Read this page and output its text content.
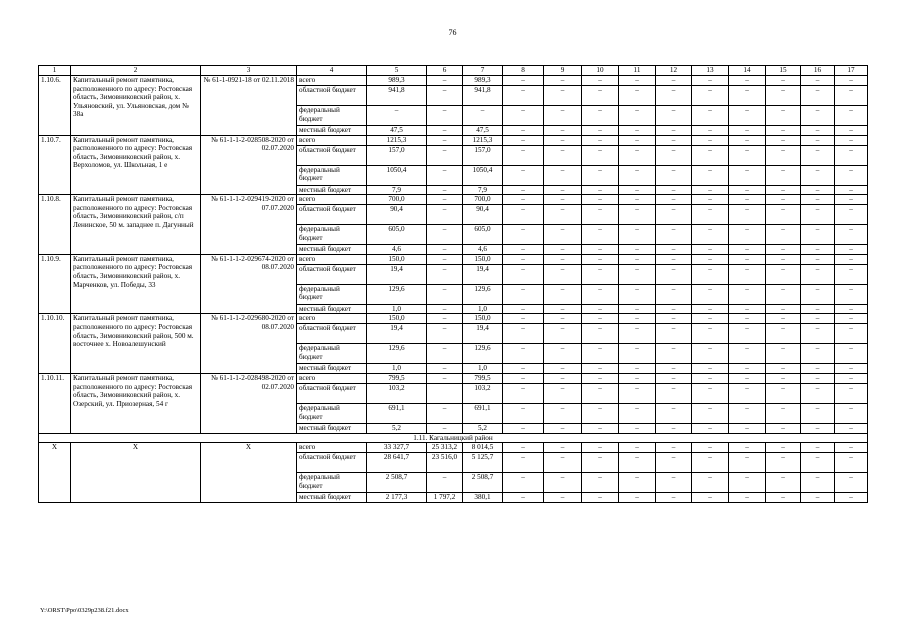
76
1	2	3	4	5	6	7	8	9	10	11	12	13	14	15	16	17
1.10.6.	Капитальный ремонт памятника, расположенного по адресу: Ростовская область, Зимовниковский район, х. Ульяновский, ул. Ульяновская, дом № 38а	№ 61-1-0921-18 от 02.11.2018	всего	989,3	–	989,3	–	–	–	–	–	–	–	–	–	–
			областной бюджет	941,8	–	941,8	–	–	–	–	–	–	–	–	–	–
			федеральный бюджет	–	–	–	–	–	–	–	–	–	–	–	–	–
			местный бюджет	47,5	–	47,5	–	–	–	–	–	–	–	–	–	–
1.10.7.	Капитальный ремонт памятника, расположенного по адресу: Ростовская область, Зимовниковский район, х. Верхоломов, ул. Школьная, 1 е	№ 61-1-1-2-028508-2020 от 02.07.2020	всего	1215,3	–	1215,3	–	–	–	–	–	–	–	–	–	–
			областной бюджет	157,0	–	157,0	–	–	–	–	–	–	–	–	–	–
			федеральный бюджет	1050,4	–	1050,4	–	–	–	–	–	–	–	–	–	–
			местный бюджет	7,9	–	7,9	–	–	–	–	–	–	–	–	–	–
1.10.8.	Капитальный ремонт памятника, расположенного по адресу: Ростовская область, Зимовниковский район, с/п Ленинское, 50 м. западнее п. Дагунный	№ 61-1-1-2-029419-2020 от 07.07.2020	всего	700,0	–	700,0	–	–	–	–	–	–	–	–	–	–
			областной бюджет	90,4	–	90,4	–	–	–	–	–	–	–	–	–	–
			федеральный бюджет	605,0	–	605,0	–	–	–	–	–	–	–	–	–	–
			местный бюджет	4,6	–	4,6	–	–	–	–	–	–	–	–	–	–
1.10.9.	Капитальный ремонт памятника, расположенного по адресу: Ростовская область, Зимовниковский район, х. Марченков, ул. Победы, 33	№ 61-1-1-2-029674-2020 от 08.07.2020	всего	150,0	–	150,0	–	–	–	–	–	–	–	–	–	–
			областной бюджет	19,4	–	19,4	–	–	–	–	–	–	–	–	–	–
			федеральный бюджет	129,6	–	129,6	–	–	–	–	–	–	–	–	–	–
			местный бюджет	1,0	–	1,0	–	–	–	–	–	–	–	–	–	–
1.10.10.	Капитальный ремонт памятника, расположенного по адресу: Ростовская область, Зимовниковский район, 500 м. восточнее х. Новоалешунский	№ 61-1-1-2-029680-2020 от 08.07.2020	всего	150,0	–	150,0	–	–	–	–	–	–	–	–	–	–
			областной бюджет	19,4	–	19,4	–	–	–	–	–	–	–	–	–	–
			федеральный бюджет	129,6	–	129,6	–	–	–	–	–	–	–	–	–	–
			местный бюджет	1,0	–	1,0	–	–	–	–	–	–	–	–	–	–
1.10.11.	Капитальный ремонт памятника, расположенного по адресу: Ростовская область, Зимовниковский район, х. Озерский, ул. Приозерная, 54 г	№ 61-1-1-2-028498-2020 от 02.07.2020	всего	799,5	–	799,5	–	–	–	–	–	–	–	–	–	–
			областной бюджет	103,2		103,2	–	–	–	–	–	–	–	–	–	–
			федеральный бюджет	691,1	–	691,1	–	–	–	–	–	–	–	–	–	–
			местный бюджет	5,2	–	5,2	–	–	–	–	–	–	–	–	–	–
1.11. Кагальницкий район																
Х	Х	Х	всего	33 327,7	25 313,2	8 014,5	–	–	–	–	–	–	–	–	–	–
			областной бюджет	28 641,7	23 516,0	5 125,7	–	–	–	–	–	–	–	–	–	–
			федеральный бюджет	2 508,7	–	2 508,7	–	–	–	–	–	–	–	–	–	–
			местный бюджет	2 177,3	1 797,2	380,1	–	–	–	–	–	–	–	–	–	–
Y:\ORST\Ppo\0329p238.f21.docx
